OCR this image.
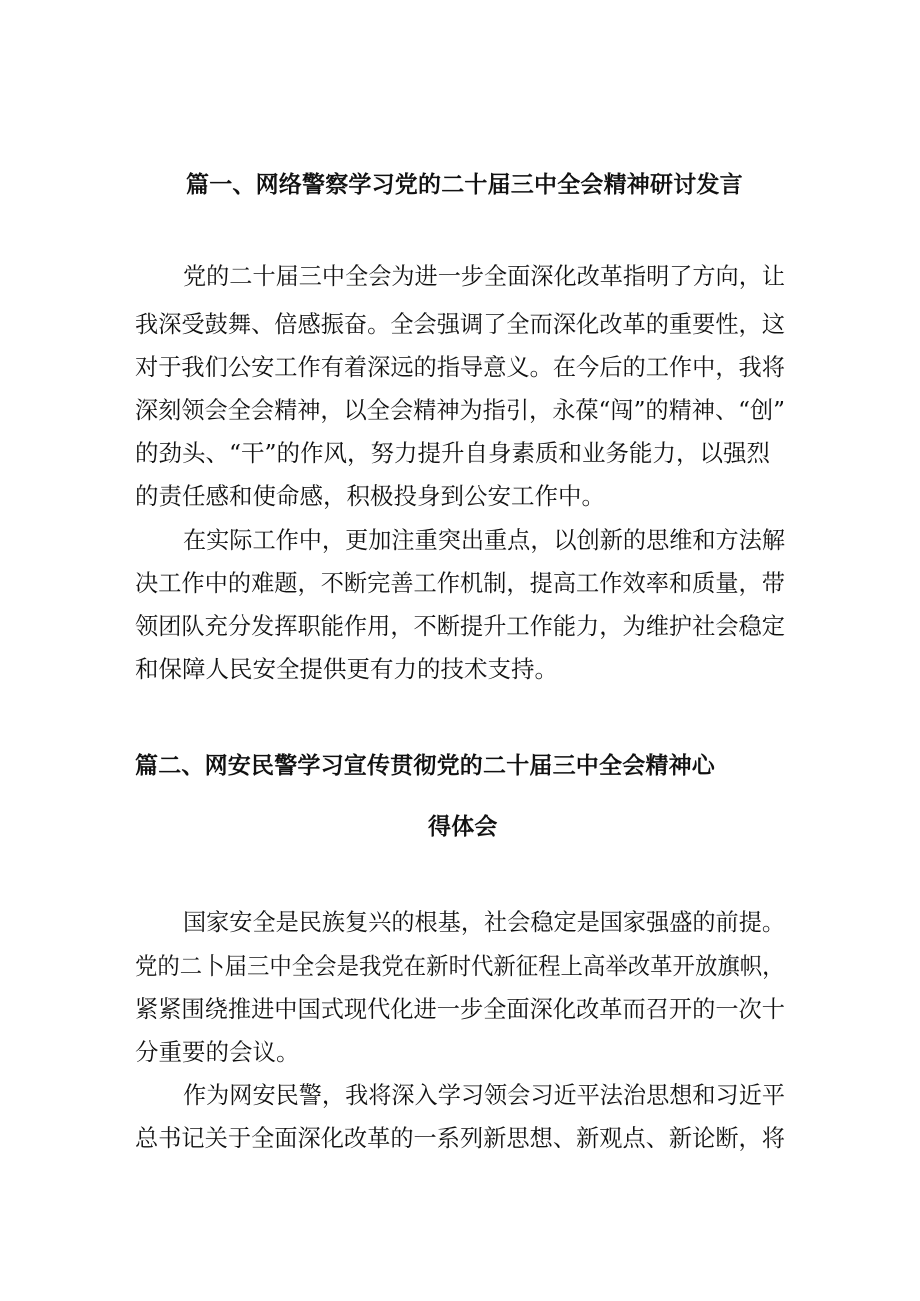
篇一、网络警察学习党的二十届三中全会精神研讨发言

党的二十届三中全会为进一步全面深化改革指明了方向，让

我深受鼓舞、倍感振奋。全会强调了全而深化改革的重要性，这

对于我们公安工作有着深远的指导意义。在今后的工作中，我将

深刻领会全会精神，以全会精神为指引，永葆“闯”的精神、“创”

的劲头、“干”的作风，努力提升自身素质和业务能力，以强烈

的责任感和使命感，积极投身到公安工作中。

在实际工作中，更加注重突出重点，以创新的思维和方法解

决工作中的难题，不断完善工作机制，提高工作效率和质量，带

领团队充分发挥职能作用，不断提升工作能力，为维护社会稳定

和保障人民安全提供更有力的技术支持。

篇二、网安民警学习宣传贯彻党的二十届三中全会精神心
得体会

国家安全是民族复兴的根基，社会稳定是国家强盛的前提。

党的二卜届三中全会是我党在新时代新征程上高举改革开放旗帜，

紧紧围绕推进中国式现代化进一步全面深化改革而召开的一次十

分重要的会议。

作为网安民警，我将深入学习领会习近平法治思想和习近平

总书记关于全面深化改革的一系列新思想、新观点、新论断，将
